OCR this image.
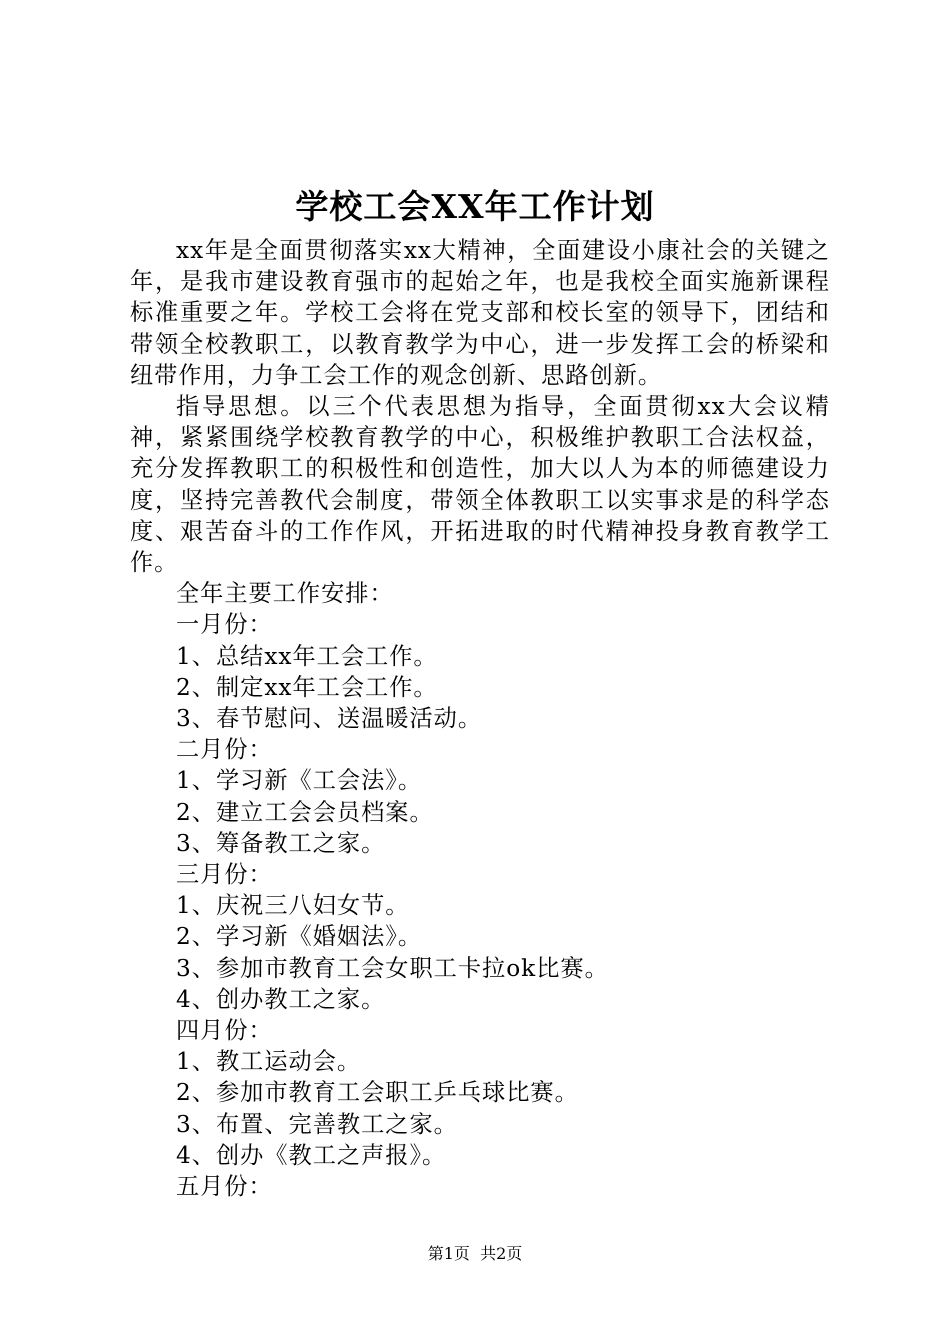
学校工会XX年工作计划

xx年是全面贯彻落实xx大精神，全面建设小康社会的关键之年，是我市建设教育强市的起始之年，也是我校全面实施新课程标准重要之年。学校工会将在党支部和校长室的领导下，团结和带领全校教职工，以教育教学为中心，进一步发挥工会的桥梁和纽带作用，力争工会工作的观念创新、思路创新。

指导思想。以三个代表思想为指导，全面贯彻xx大会议精神，紧紧围绕学校教育教学的中心，积极维护教职工合法权益，充分发挥教职工的积极性和创造性，加大以人为本的师德建设力度，坚持完善教代会制度，带领全体教职工以实事求是的科学态度、艰苦奋斗的工作作风，开拓进取的时代精神投身教育教学工作。

全年主要工作安排：

一月份：

1、总结xx年工会工作。

2、制定xx年工会工作。

3、春节慰问、送温暖活动。

二月份：

1、学习新《工会法》。

2、建立工会会员档案。

3、筹备教工之家。

三月份：

1、庆祝三八妇女节。

2、学习新《婚姻法》。

3、参加市教育工会女职工卡拉ok比赛。

4、创办教工之家。

四月份：

1、教工运动会。

2、参加市教育工会职工乒乓球比赛。

3、布置、完善教工之家。

4、创办《教工之声报》。

五月份：

第1页  共2页
